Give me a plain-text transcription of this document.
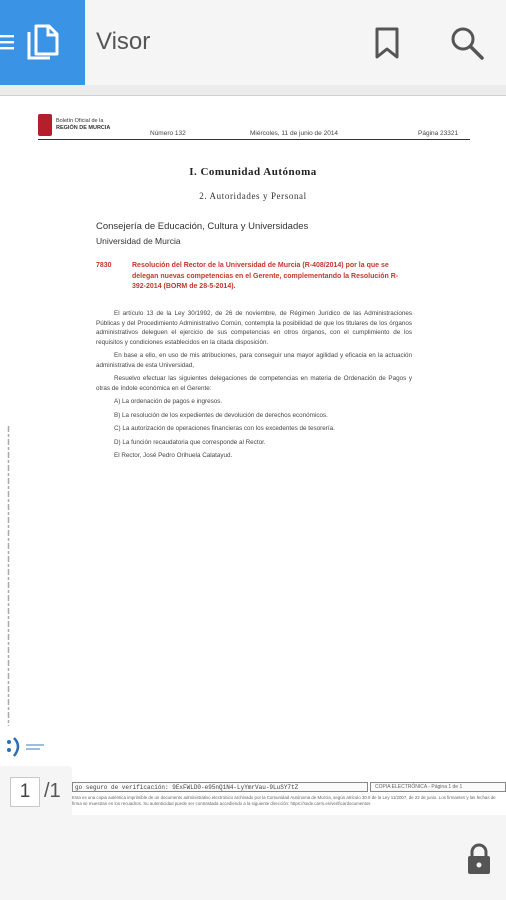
Visor
Boletín Oficial de la
REGIÓN DE MURCIA
Número 132	Miércoles, 11 de junio de 2014	Página 23321
I. Comunidad Autónoma
2. Autoridades y Personal
Consejería de Educación, Cultura y Universidades
Universidad de Murcia
7830	Resolución del Rector de la Universidad de Murcia (R-408/2014) por la que se delegan nuevas competencias en el Gerente, complementando la Resolución R-392-2014 (BORM de 28-5-2014).

El artículo 13 de la Ley 30/1992, de 26 de noviembre, de Régimen Jurídico de las Administraciones Públicas y del Procedimiento Administrativo Común, contempla la posibilidad de que los titulares de los órganos administrativos deleguen el ejercicio de sus competencias en otros órganos, con el cumplimiento de los requisitos y condiciones establecidos en la citada disposición.

En base a ello, en uso de mis atribuciones, para conseguir una mayor agilidad y eficacia en la actuación administrativa de esta Universidad,

Resuelvo efectuar las siguientes delegaciones de competencias en materia de Ordenación de Pagos y otras de índole económica en el Gerente:

A) La ordenación de pagos e ingresos.

B) La resolución de los expedientes de devolución de derechos económicos.

C) La autorización de operaciones financieras con los excedentes de tesorería.

D) La función recaudatoria que corresponde al Rector.

El Rector, José Pedro Orihuela Calatayud.

go seguro de verificación: 9ExFWLD0-e95nQ1N4-LyYmrVau-9LuSY7tZ	COPIA ELECTRÓNICA - Página 1 de 1
Esta es una copia auténtica imprimible de un documento administrativo electrónico archivado por la Comunidad Autónoma de Murcia, según artículo 30.5 de la Ley 11/2007, de 22 de junio. Los firmantes y las fechas de firma se muestran en los recuadros. Su autenticidad puede ser contrastada accediendo a la siguiente dirección: https://sede.carm.es/verificardocumentos
1 /1
